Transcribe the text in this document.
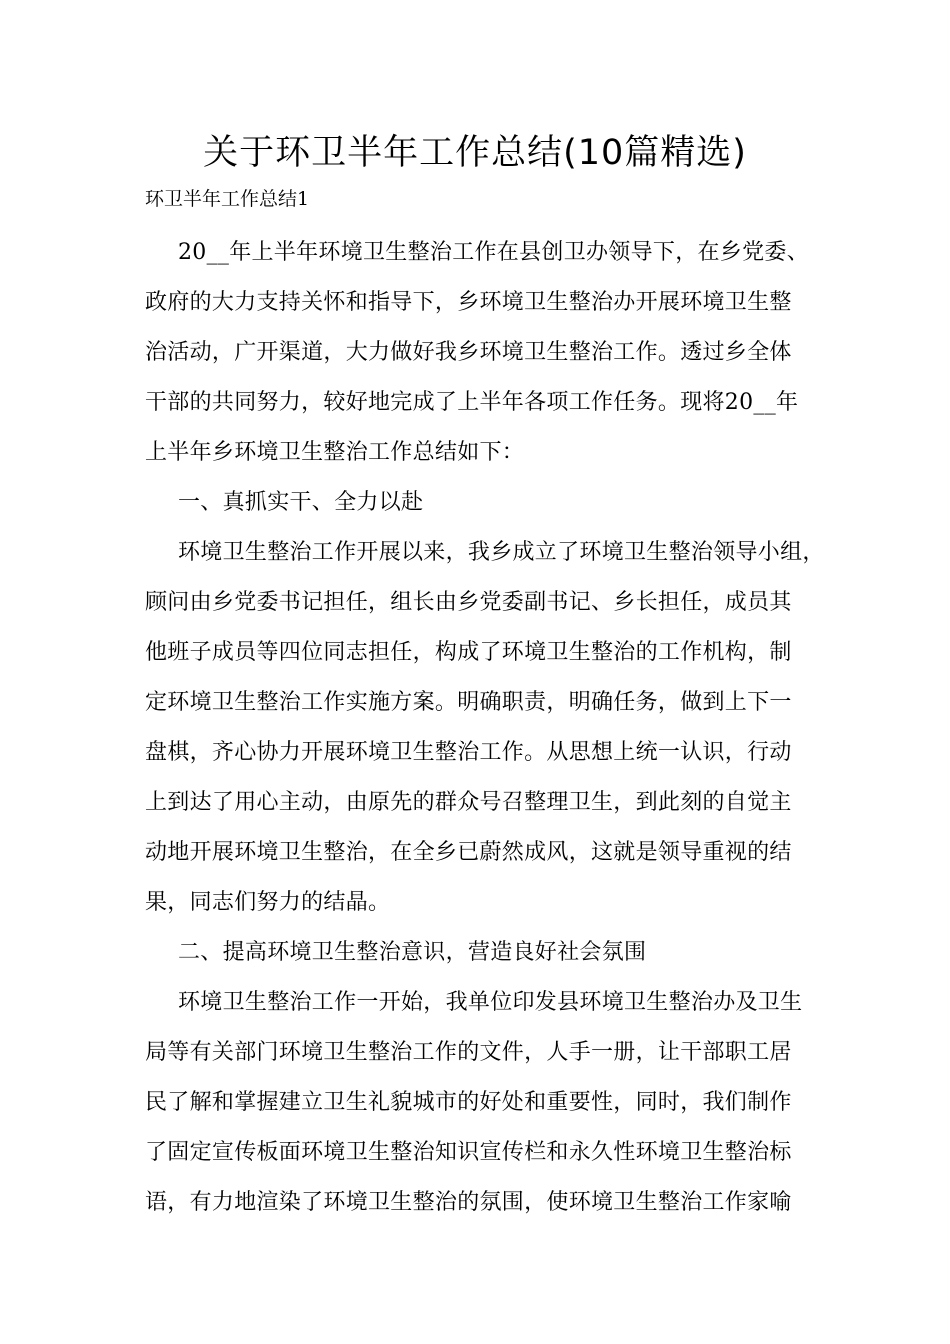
关于环卫半年工作总结(10篇精选)

环卫半年工作总结1

20__年上半年环境卫生整治工作在县创卫办领导下，在乡党委、
政府的大力支持关怀和指导下，乡环境卫生整治办开展环境卫生整
治活动，广开渠道，大力做好我乡环境卫生整治工作。透过乡全体
干部的共同努力，较好地完成了上半年各项工作任务。现将20__年
上半年乡环境卫生整治工作总结如下：
一、真抓实干、全力以赴
环境卫生整治工作开展以来，我乡成立了环境卫生整治领导小组，
顾问由乡党委书记担任，组长由乡党委副书记、乡长担任，成员其
他班子成员等四位同志担任，构成了环境卫生整治的工作机构，制
定环境卫生整治工作实施方案。明确职责，明确任务，做到上下一
盘棋，齐心协力开展环境卫生整治工作。从思想上统一认识，行动
上到达了用心主动，由原先的群众号召整理卫生，到此刻的自觉主
动地开展环境卫生整治，在全乡已蔚然成风，这就是领导重视的结
果，同志们努力的结晶。
二、提高环境卫生整治意识，营造良好社会氛围
环境卫生整治工作一开始，我单位印发县环境卫生整治办及卫生
局等有关部门环境卫生整治工作的文件，人手一册，让干部职工居
民了解和掌握建立卫生礼貌城市的好处和重要性，同时，我们制作
了固定宣传板面环境卫生整治知识宣传栏和永久性环境卫生整治标
语，有力地渲染了环境卫生整治的氛围，使环境卫生整治工作家喻
